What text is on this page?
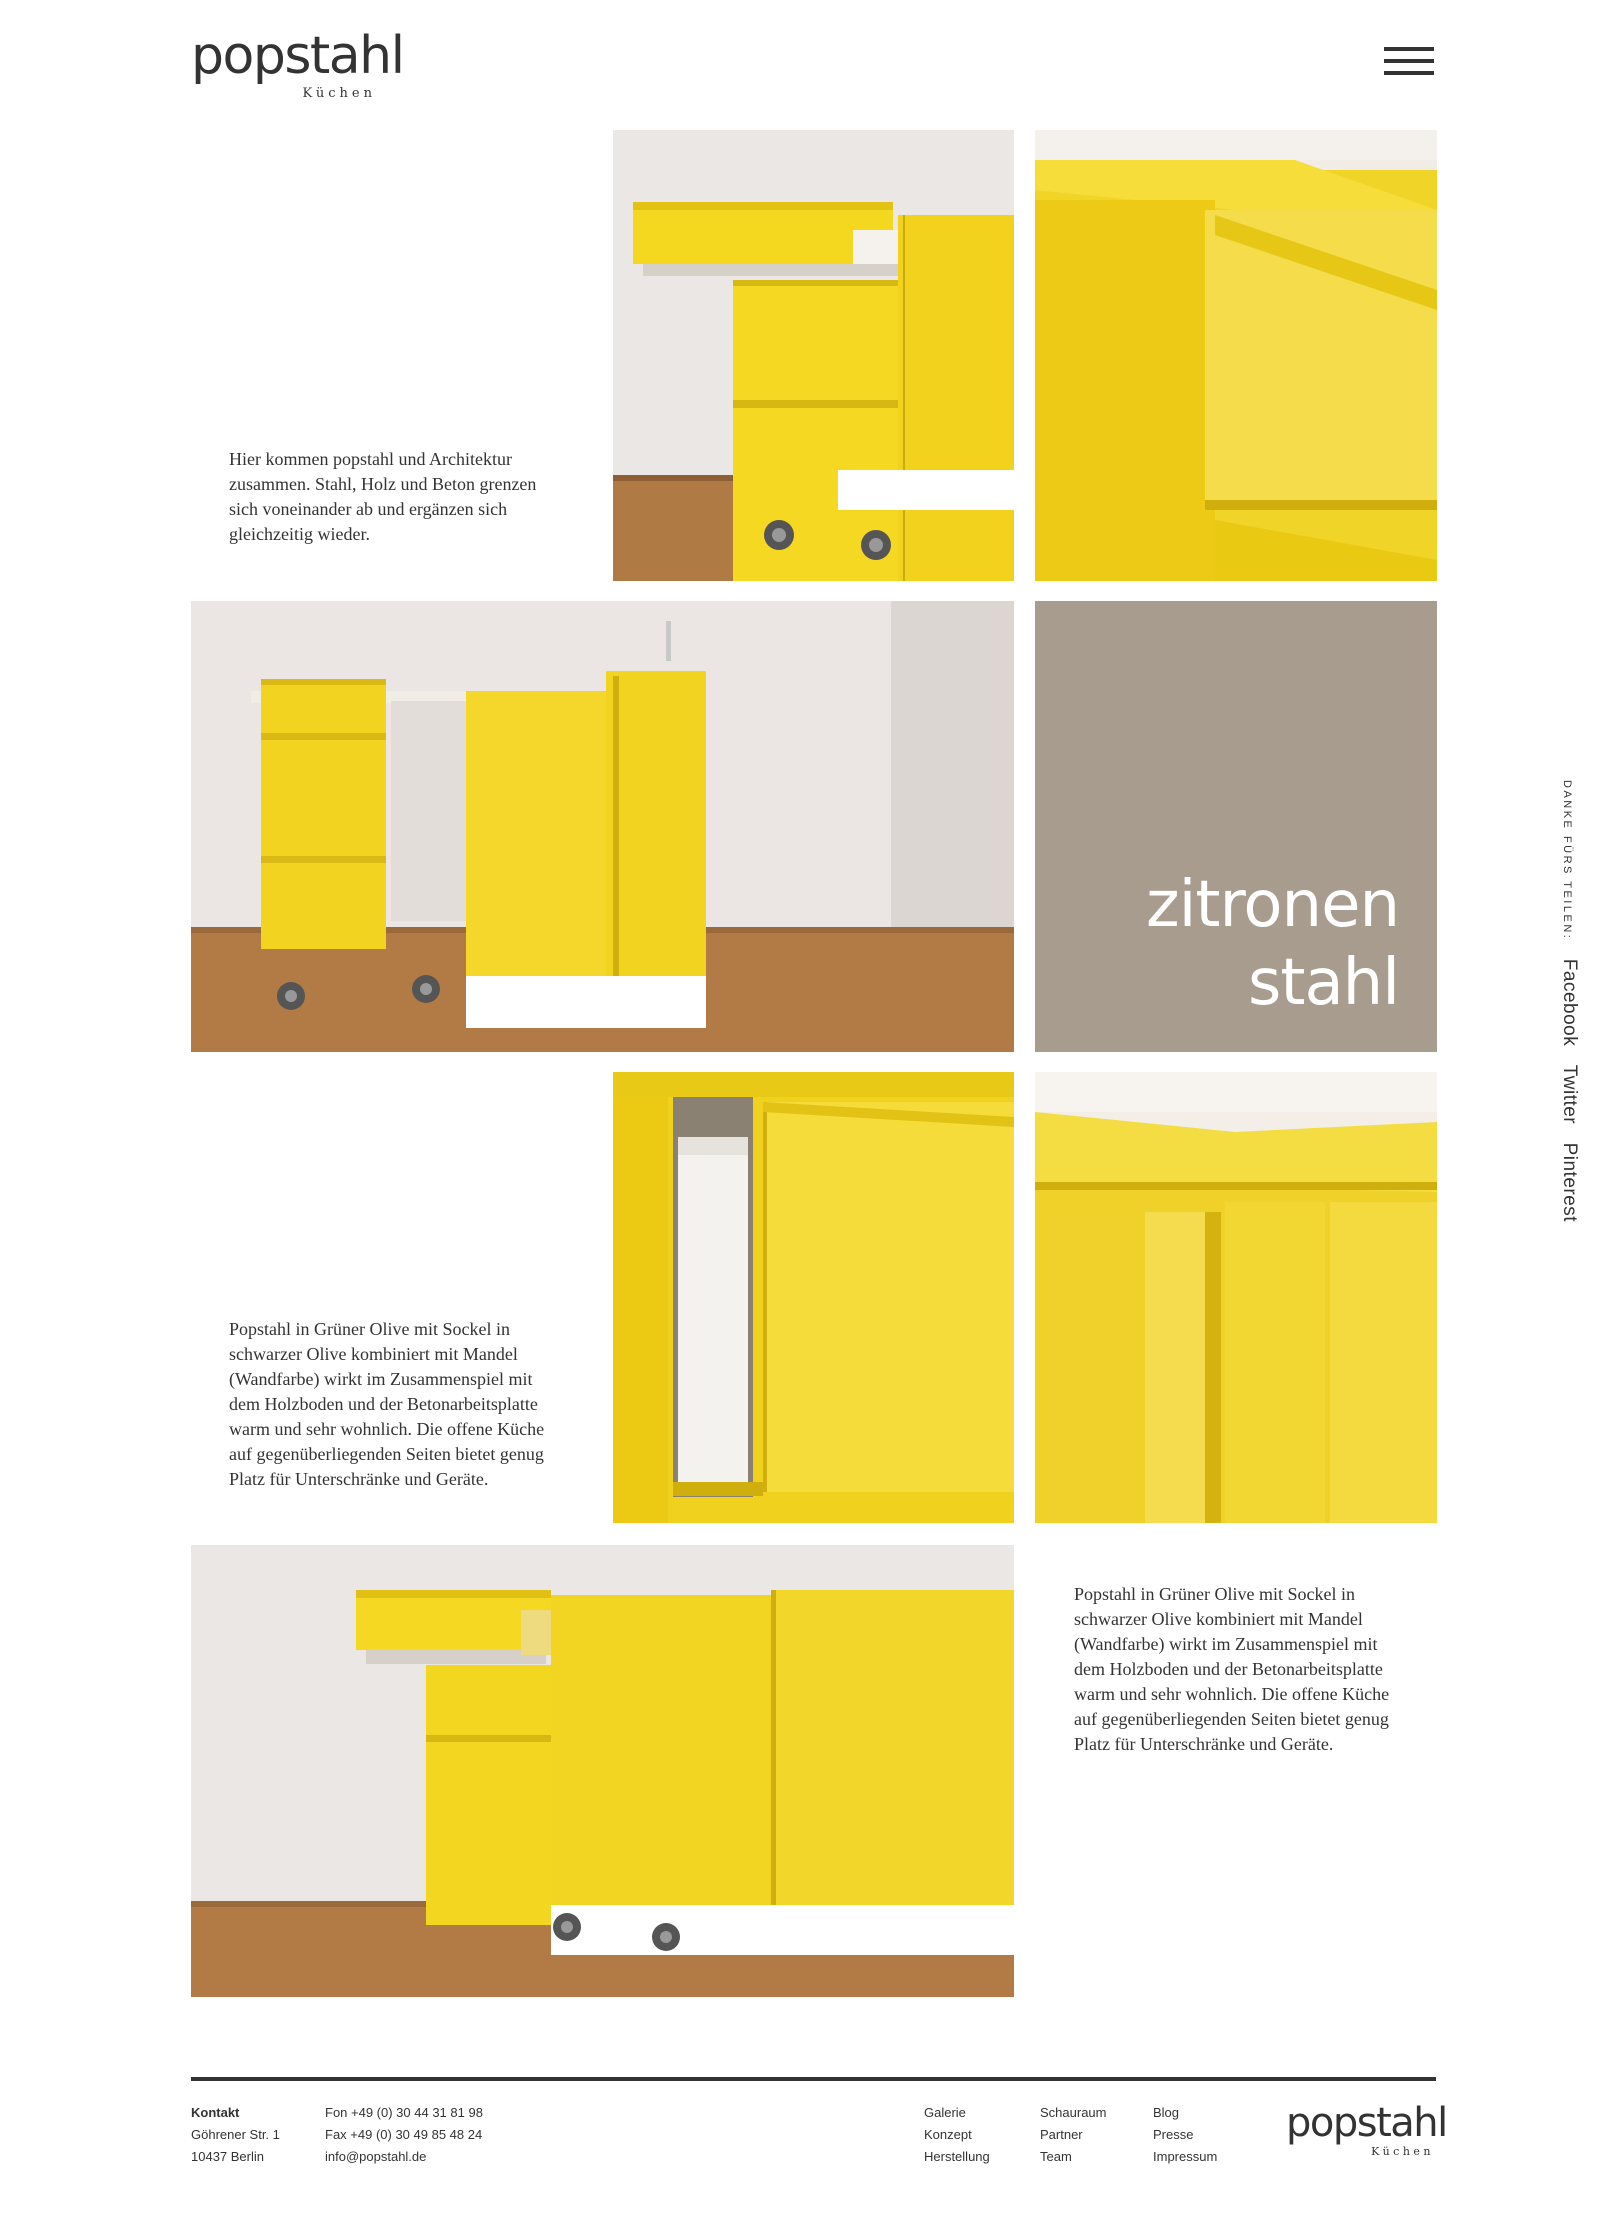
popstahl
Küchen
Hier kommen popstahl und Architektur zusammen. Stahl, Holz und Beton grenzen sich voneinander ab und ergänzen sich gleichzeitig wieder.
zitronen
stahl
Popstahl in Grüner Olive mit Sockel in schwarzer Olive kombiniert mit Mandel (Wandfarbe) wirkt im Zusammenspiel mit dem Holzboden und der Betonarbeitsplatte warm und sehr wohnlich. Die offene Küche auf gegenüberliegenden Seiten bietet genug Platz für Unterschränke und Geräte.
Popstahl in Grüner Olive mit Sockel in schwarzer Olive kombiniert mit Mandel (Wandfarbe) wirkt im Zusammenspiel mit dem Holzboden und der Betonarbeitsplatte warm und sehr wohnlich. Die offene Küche auf gegenüberliegenden Seiten bietet genug Platz für Unterschränke und Geräte.
DANKE FÜRS TEILEN: Facebook Twitter Pinterest
Kontakt
Göhrener Str. 1
10437 Berlin
Fon +49 (0) 30 44 31 81 98
Fax +49 (0) 30 49 85 48 24
info@popstahl.de
Galerie
Konzept
Herstellung
Schauraum
Partner
Team
Blog
Presse
Impressum
popstahl
Küchen
